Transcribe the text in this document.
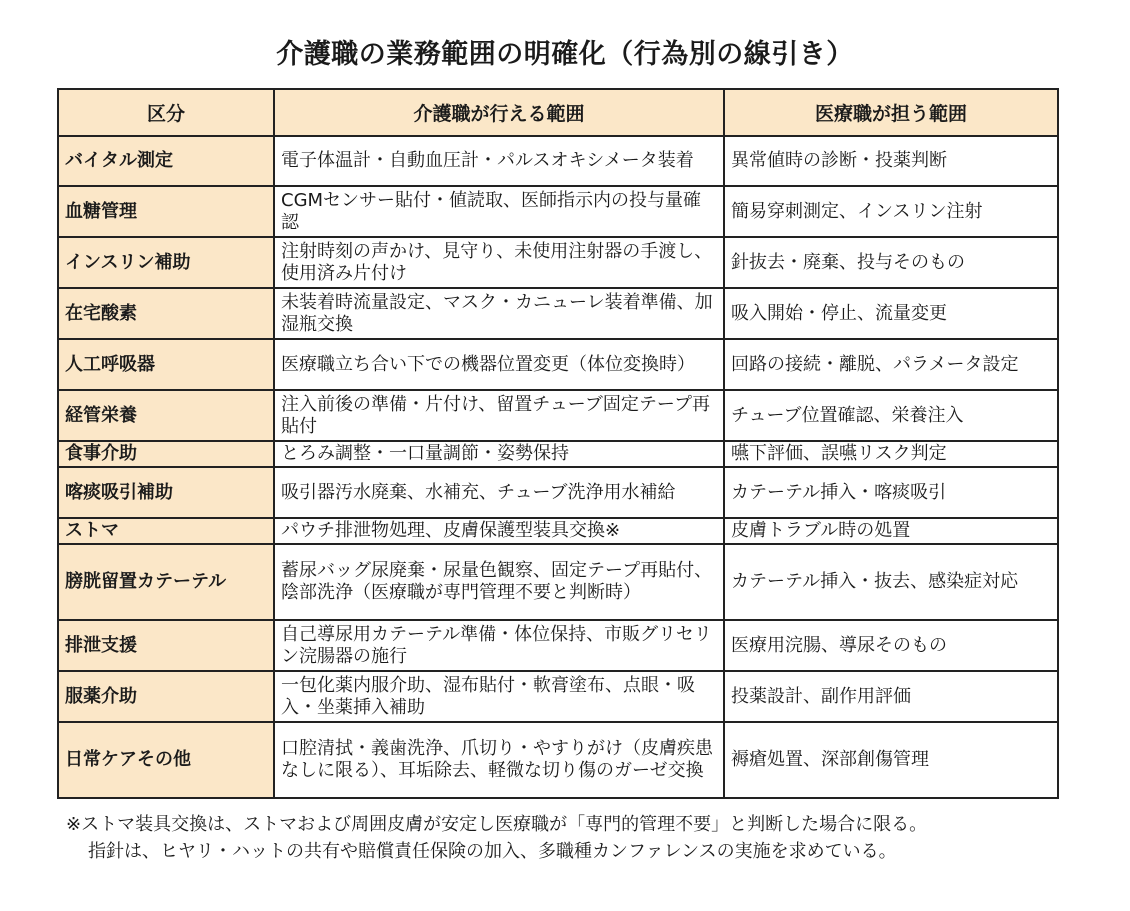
介護職の業務範囲の明確化（行為別の線引き）
区分	介護職が行える範囲	医療職が担う範囲
バイタル測定	電子体温計・自動血圧計・パルスオキシメータ装着	異常値時の診断・投薬判断
血糖管理	CGMセンサー貼付・値読取、医師指示内の投与量確認	簡易穿刺測定、インスリン注射
インスリン補助	注射時刻の声かけ、見守り、未使用注射器の手渡し、使用済み片付け	針抜去・廃棄、投与そのもの
在宅酸素	未装着時流量設定、マスク・カニューレ装着準備、加湿瓶交換	吸入開始・停止、流量変更
人工呼吸器	医療職立ち合い下での機器位置変更（体位変換時）	回路の接続・離脱、パラメータ設定
経管栄養	注入前後の準備・片付け、留置チューブ固定テープ再貼付	チューブ位置確認、栄養注入
食事介助	とろみ調整・一口量調節・姿勢保持	嚥下評価、誤嚥リスク判定
喀痰吸引補助	吸引器汚水廃棄、水補充、チューブ洗浄用水補給	カテーテル挿入・喀痰吸引
ストマ	パウチ排泄物処理、皮膚保護型装具交換※	皮膚トラブル時の処置
膀胱留置カテーテル	蓄尿バッグ尿廃棄・尿量色観察、固定テープ再貼付、陰部洗浄（医療職が専門管理不要と判断時）	カテーテル挿入・抜去、感染症対応
排泄支援	自己導尿用カテーテル準備・体位保持、市販グリセリン浣腸器の施行	医療用浣腸、導尿そのもの
服薬介助	一包化薬内服介助、湿布貼付・軟膏塗布、点眼・吸入・坐薬挿入補助	投薬設計、副作用評価
日常ケアその他	口腔清拭・義歯洗浄、爪切り・やすりがけ（皮膚疾患なしに限る）、耳垢除去、軽微な切り傷のガーゼ交換	褥瘡処置、深部創傷管理
※ストマ装具交換は、ストマおよび周囲皮膚が安定し医療職が「専門的管理不要」と判断した場合に限る。
指針は、ヒヤリ・ハットの共有や賠償責任保険の加入、多職種カンファレンスの実施を求めている。
